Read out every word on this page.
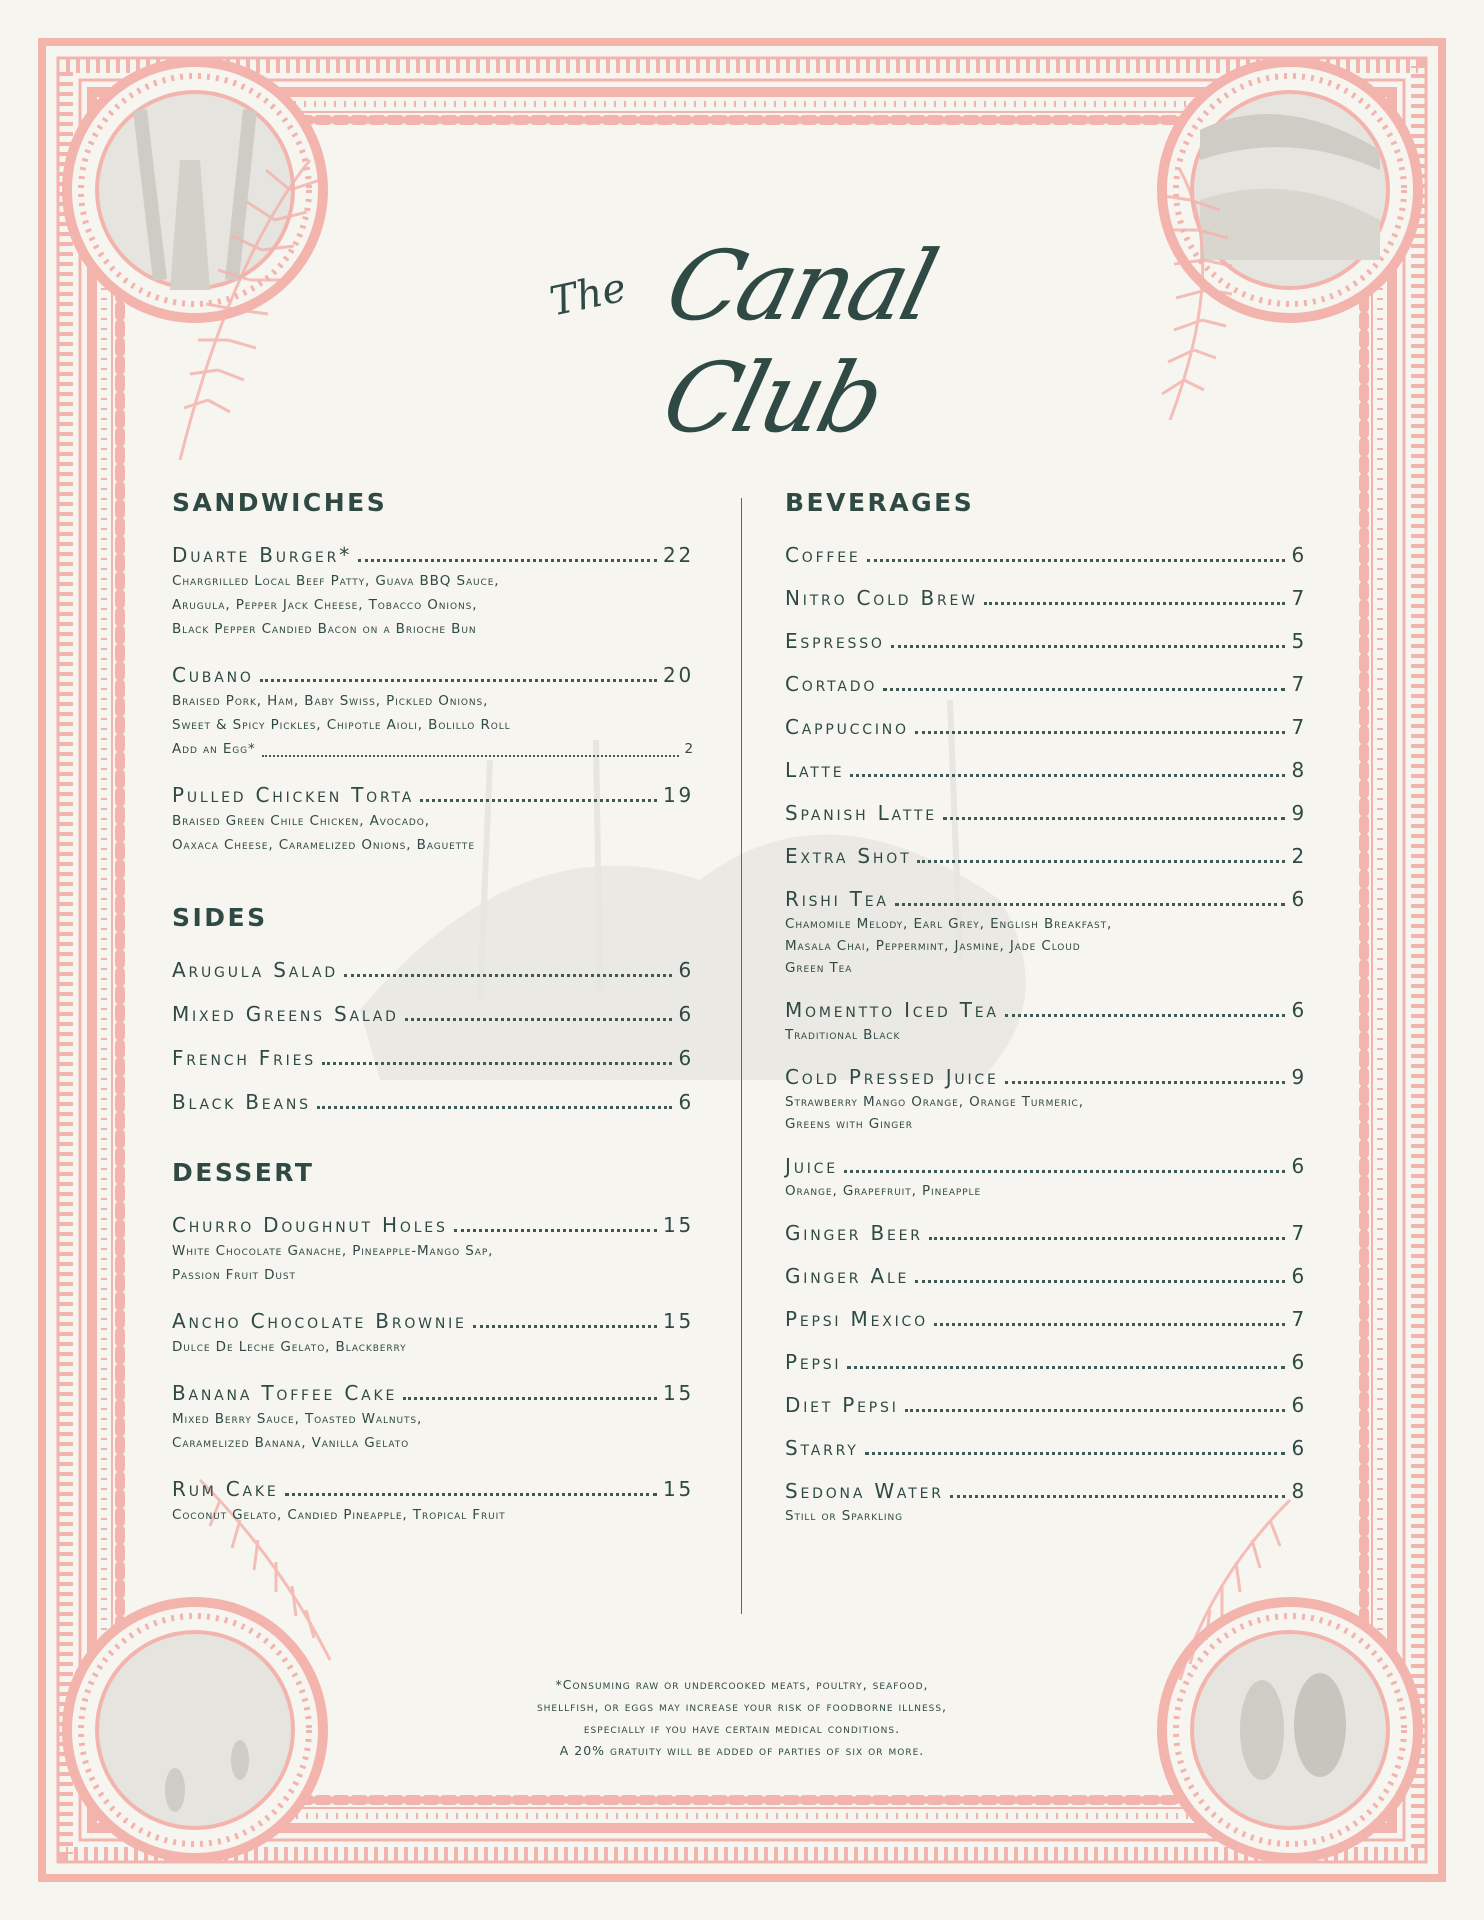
The Canal Club
SANDWICHES
Duarte Burger*	22
Chargrilled Local Beef Patty, Guava BBQ Sauce,
Arugula, Pepper Jack Cheese, Tobacco Onions,
Black Pepper Candied Bacon on a Brioche Bun
Cubano	20
Braised Pork, Ham, Baby Swiss, Pickled Onions,
Sweet & Spicy Pickles, Chipotle Aioli, Bolillo Roll
Add an Egg*	2
Pulled Chicken Torta	19
Braised Green Chile Chicken, Avocado,
Oaxaca Cheese, Caramelized Onions, Baguette
SIDES
Arugula Salad	6
Mixed Greens Salad	6
French Fries	6
Black Beans	6
DESSERT
Churro Doughnut Holes	15
White Chocolate Ganache, Pineapple-Mango Sap,
Passion Fruit Dust
Ancho Chocolate Brownie	15
Dulce De Leche Gelato, Blackberry
Banana Toffee Cake	15
Mixed Berry Sauce, Toasted Walnuts,
Caramelized Banana, Vanilla Gelato
Rum Cake	15
Coconut Gelato, Candied Pineapple, Tropical Fruit
BEVERAGES
Coffee	6
Nitro Cold Brew	7
Espresso	5
Cortado	7
Cappuccino	7
Latte	8
Spanish Latte	9
Extra Shot	2
Rishi Tea	6
Chamomile Melody, Earl Grey, English Breakfast,
Masala Chai, Peppermint, Jasmine, Jade Cloud
Green Tea
Momentto Iced Tea	6
Traditional Black
Cold Pressed Juice	9
Strawberry Mango Orange, Orange Turmeric,
Greens with Ginger
Juice	6
Orange, Grapefruit, Pineapple
Ginger Beer	7
Ginger Ale	6
Pepsi Mexico	7
Pepsi	6
Diet Pepsi	6
Starry	6
Sedona Water	8
Still or Sparkling
*Consuming raw or undercooked meats, poultry, seafood,
shellfish, or eggs may increase your risk of foodborne illness,
especially if you have certain medical conditions.
A 20% gratuity will be added of parties of six or more.
